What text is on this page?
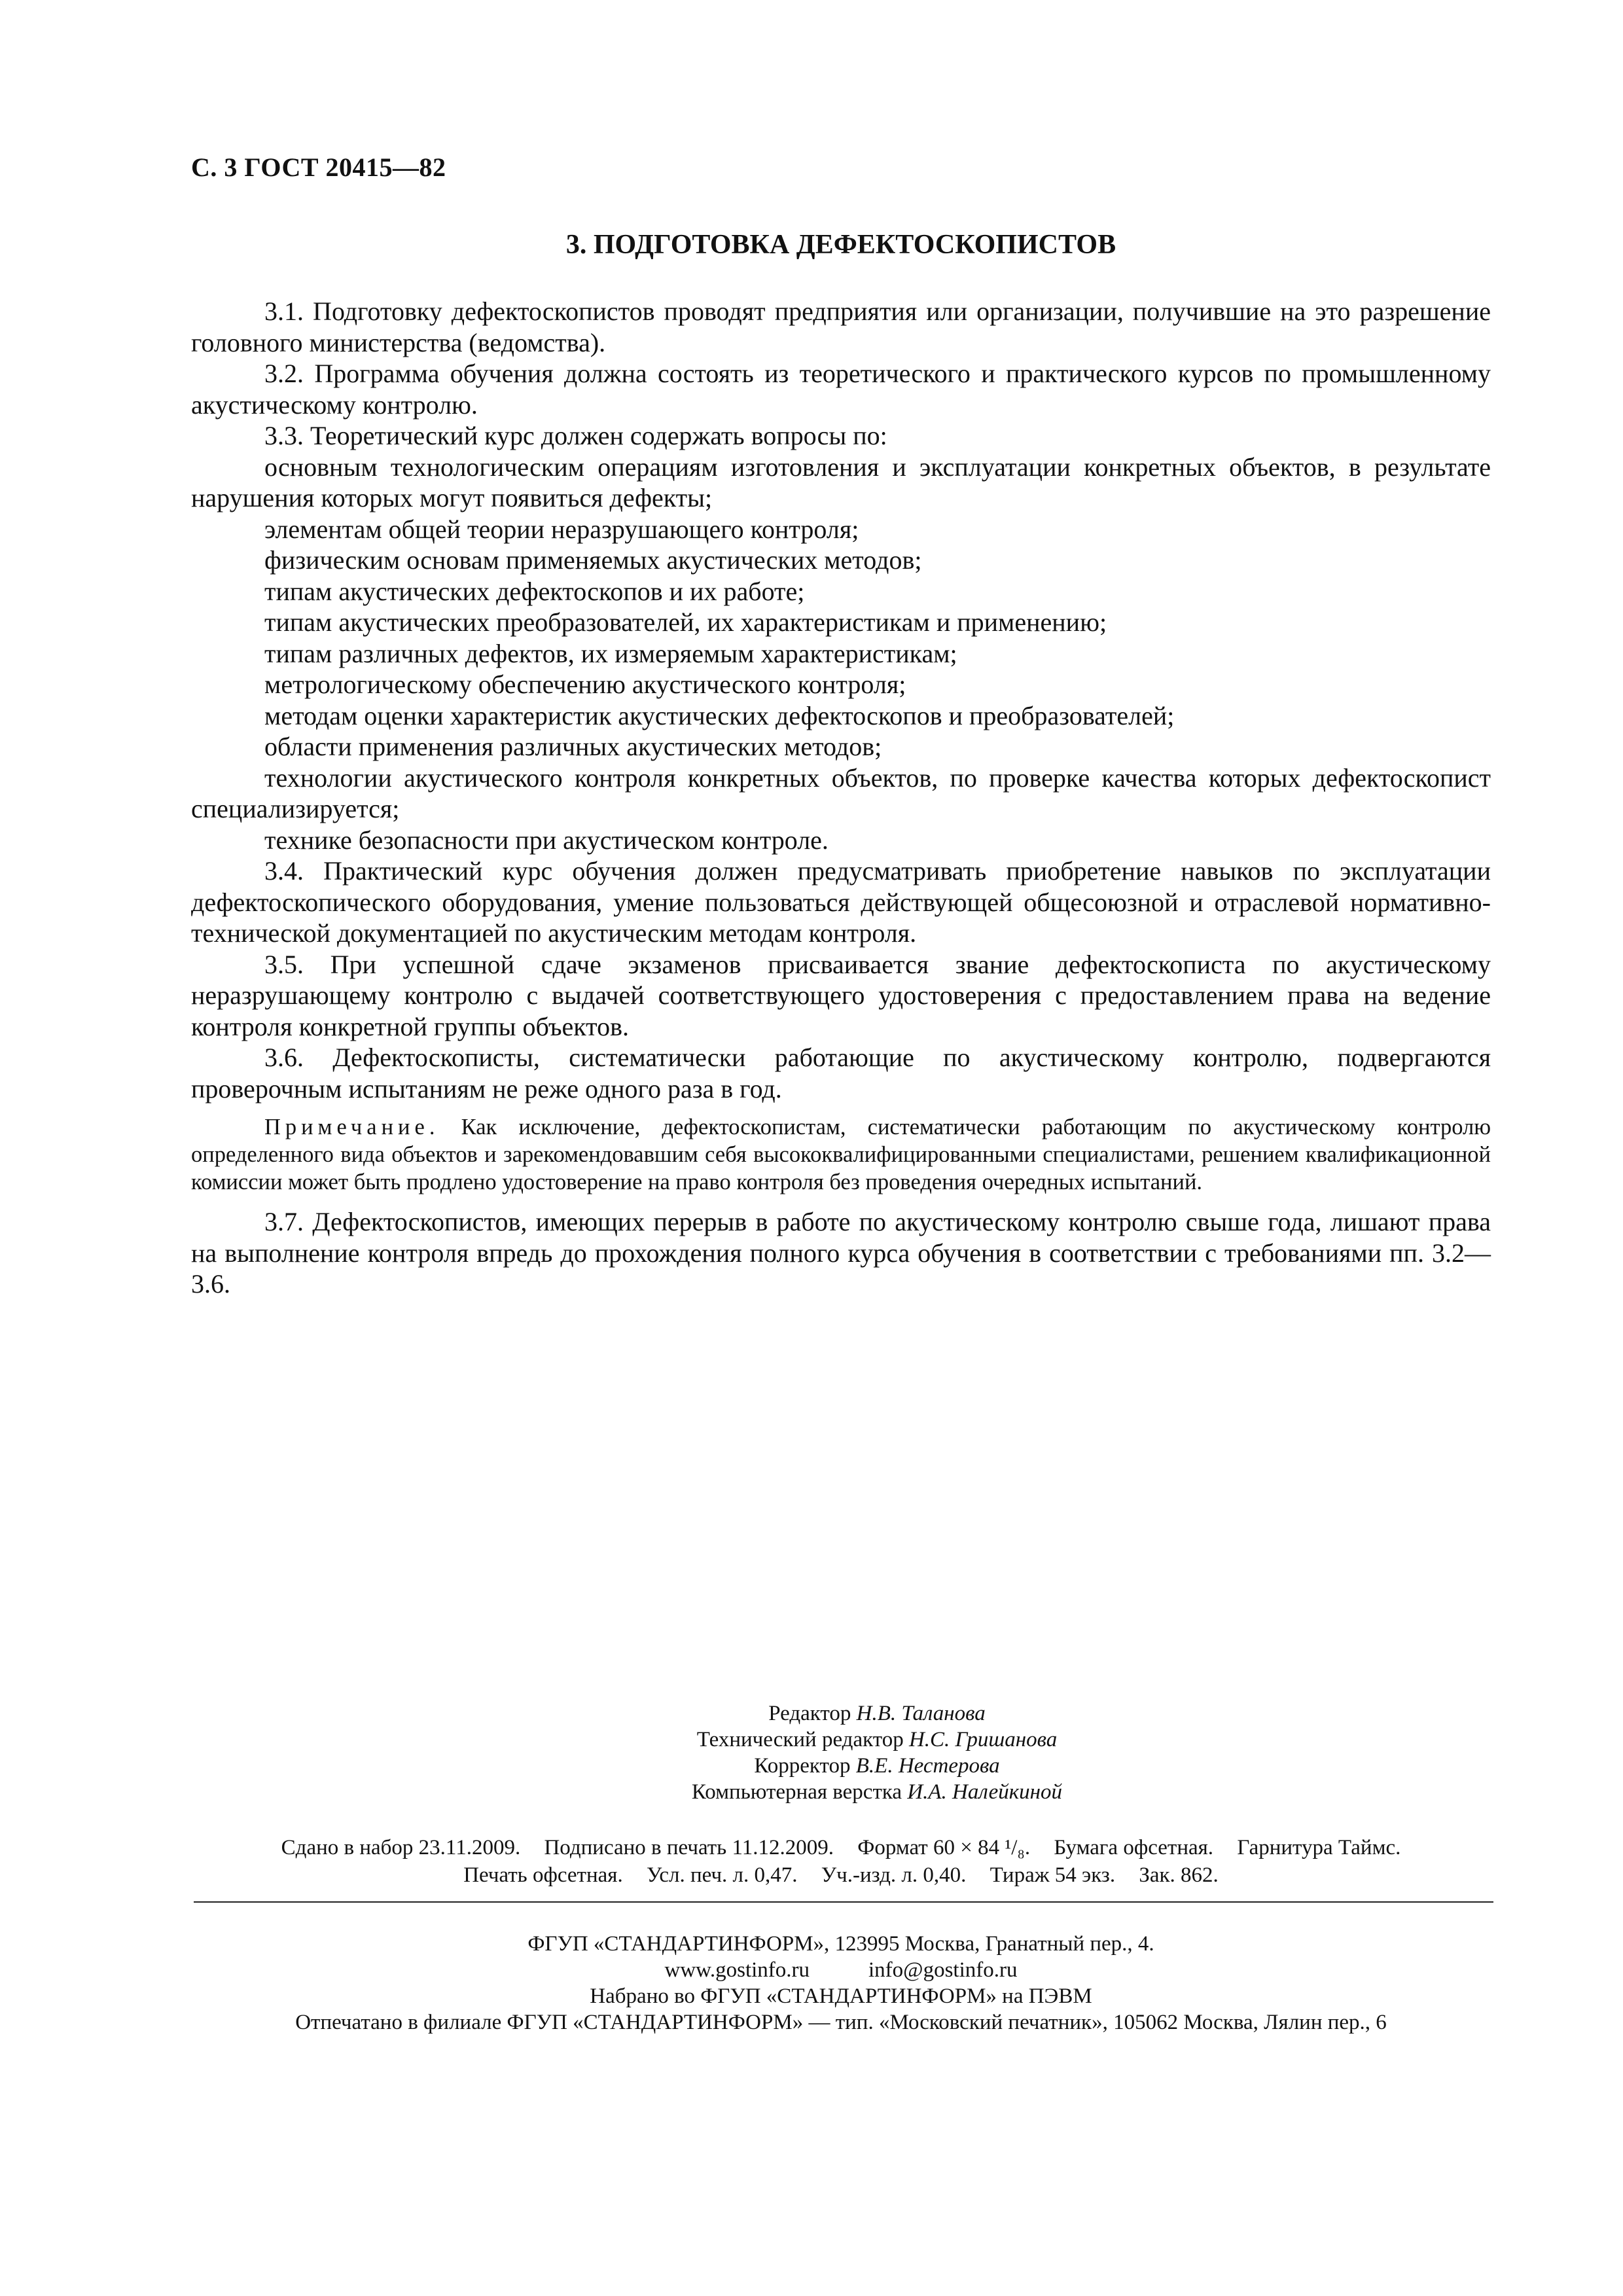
С. 3 ГОСТ 20415—82
3. ПОДГОТОВКА ДЕФЕКТОСКОПИСТОВ

3.1. Подготовку дефектоскопистов проводят предприятия или организации, получившие на это разрешение головного министерства (ведомства).

3.2. Программа обучения должна состоять из теоретического и практического курсов по промышленному акустическому контролю.

3.3. Теоретический курс должен содержать вопросы по:

основным технологическим операциям изготовления и эксплуатации конкретных объектов, в результате нарушения которых могут появиться дефекты;

элементам общей теории неразрушающего контроля;

физическим основам применяемых акустических методов;

типам акустических дефектоскопов и их работе;

типам акустических преобразователей, их характеристикам и применению;

типам различных дефектов, их измеряемым характеристикам;

метрологическому обеспечению акустического контроля;

методам оценки характеристик акустических дефектоскопов и преобразователей;

области применения различных акустических методов;

технологии акустического контроля конкретных объектов, по проверке качества которых дефектоскопист специализируется;

технике безопасности при акустическом контроле.

3.4. Практический курс обучения должен предусматривать приобретение навыков по эксплуатации дефектоскопического оборудования, умение пользоваться действующей общесоюзной и отраслевой нормативно-технической документацией по акустическим методам контроля.

3.5. При успешной сдаче экзаменов присваивается звание дефектоскописта по акустическому неразрушающему контролю с выдачей соответствующего удостоверения с предоставлением права на ведение контроля конкретной группы объектов.

3.6. Дефектоскописты, систематически работающие по акустическому контролю, подвергаются проверочным испытаниям не реже одного раза в год.

Примечание. Как исключение, дефектоскопистам, систематически работающим по акустическому контролю определенного вида объектов и зарекомендовавшим себя высококвалифицированными специалистами, решением квалификационной комиссии может быть продлено удостоверение на право контроля без проведения очередных испытаний.

3.7. Дефектоскопистов, имеющих перерыв в работе по акустическому контролю свыше года, лишают права на выполнение контроля впредь до прохождения полного курса обучения в соответствии с требованиями пп. 3.2—3.6.

Редактор Н.В. Таланова
Технический редактор Н.С. Гришанова
Корректор В.Е. Нестерова
Компьютерная верстка И.А. Налейкиной
Сдано в набор 23.11.2009. Подписано в печать 11.12.2009. Формат 60 × 84 ¹/₈. Бумага офсетная. Гарнитура Таймс.
Печать офсетная. Усл. печ. л. 0,47. Уч.-изд. л. 0,40. Тираж 54 экз. Зак. 862.
ФГУП «СТАНДАРТИНФОРМ», 123995 Москва, Гранатный пер., 4.
www.gostinfo.ru	info@gostinfo.ru
Набрано во ФГУП «СТАНДАРТИНФОРМ» на ПЭВМ
Отпечатано в филиале ФГУП «СТАНДАРТИНФОРМ» — тип. «Московский печатник», 105062 Москва, Лялин пер., 6
